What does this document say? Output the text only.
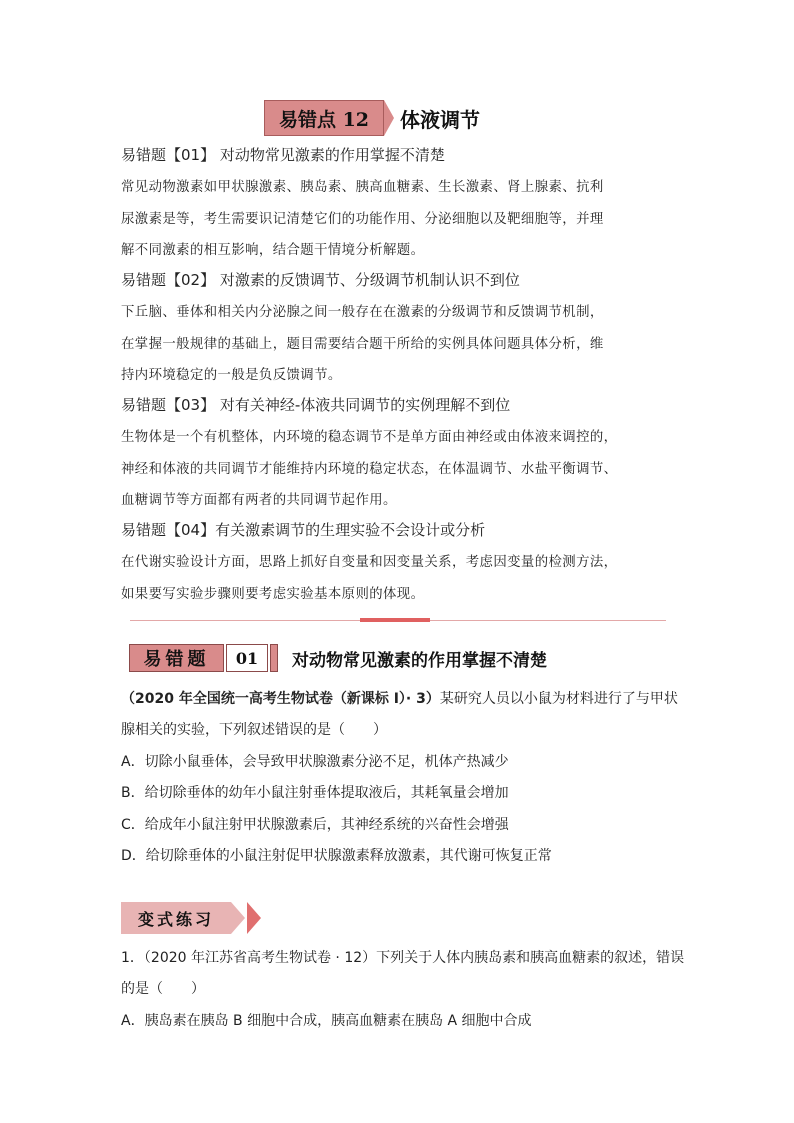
易错点 12	体液调节
易错题【01】 对动物常见激素的作用掌握不清楚
常见动物激素如甲状腺激素、胰岛素、胰高血糖素、生长激素、肾上腺素、抗利
尿激素是等，考生需要识记清楚它们的功能作用、分泌细胞以及靶细胞等，并理
解不同激素的相互影响，结合题干情境分析解题。
易错题【02】 对激素的反馈调节、分级调节机制认识不到位
下丘脑、垂体和相关内分泌腺之间一般存在在激素的分级调节和反馈调节机制，
在掌握一般规律的基础上，题目需要结合题干所给的实例具体问题具体分析，维
持内环境稳定的一般是负反馈调节。
易错题【03】 对有关神经-体液共同调节的实例理解不到位
生物体是一个有机整体，内环境的稳态调节不是单方面由神经或由体液来调控的，
神经和体液的共同调节才能维持内环境的稳定状态，在体温调节、水盐平衡调节、
血糖调节等方面都有两者的共同调节起作用。
易错题【04】有关激素调节的生理实验不会设计或分析
在代谢实验设计方面，思路上抓好自变量和因变量关系，考虑因变量的检测方法，
如果要写实验步骤则要考虑实验基本原则的体现。
易错题	01	对动物常见激素的作用掌握不清楚
（2020 年全国统一高考生物试卷（新课标 I）· 3）某研究人员以小鼠为材料进行了与甲状
腺相关的实验，下列叙述错误的是（　　）
A．切除小鼠垂体，会导致甲状腺激素分泌不足，机体产热减少
B．给切除垂体的幼年小鼠注射垂体提取液后，其耗氧量会增加
C．给成年小鼠注射甲状腺激素后，其神经系统的兴奋性会增强
D．给切除垂体的小鼠注射促甲状腺激素释放激素，其代谢可恢复正常
变式练习
1．（2020 年江苏省高考生物试卷 · 12）下列关于人体内胰岛素和胰高血糖素的叙述，错误
的是（　　）
A．胰岛素在胰岛 B 细胞中合成，胰高血糖素在胰岛 A 细胞中合成
